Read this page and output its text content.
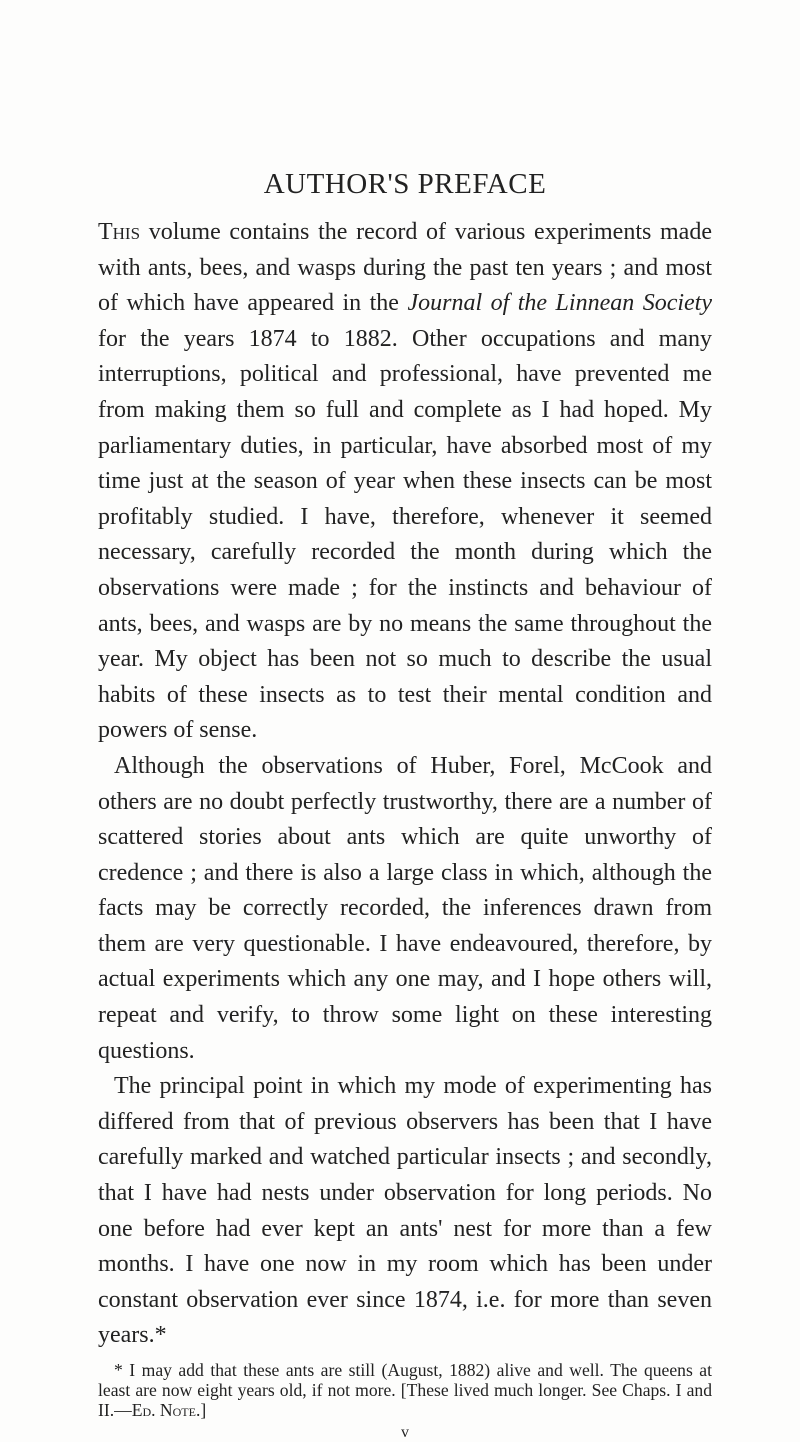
AUTHOR'S PREFACE

This volume contains the record of various experiments made with ants, bees, and wasps during the past ten years ; and most of which have appeared in the Journal of the Linnean Society for the years 1874 to 1882. Other occupations and many interruptions, political and professional, have prevented me from making them so full and complete as I had hoped. My parliamentary duties, in particular, have absorbed most of my time just at the season of year when these insects can be most profitably studied. I have, therefore, whenever it seemed necessary, carefully recorded the month during which the observations were made ; for the instincts and behaviour of ants, bees, and wasps are by no means the same throughout the year. My object has been not so much to describe the usual habits of these insects as to test their mental condition and powers of sense.

Although the observations of Huber, Forel, McCook and others are no doubt perfectly trustworthy, there are a number of scattered stories about ants which are quite unworthy of credence ; and there is also a large class in which, although the facts may be correctly recorded, the inferences drawn from them are very questionable. I have endeavoured, therefore, by actual experiments which any one may, and I hope others will, repeat and verify, to throw some light on these interesting questions.

The principal point in which my mode of experimenting has differed from that of previous observers has been that I have carefully marked and watched particular insects ; and secondly, that I have had nests under observation for long periods. No one before had ever kept an ants' nest for more than a few months. I have one now in my room which has been under constant observation ever since 1874, i.e. for more than seven years.*

* I may add that these ants are still (August, 1882) alive and well. The queens at least are now eight years old, if not more. [These lived much longer. See Chaps. I and II.—Ed. Note.]
v
